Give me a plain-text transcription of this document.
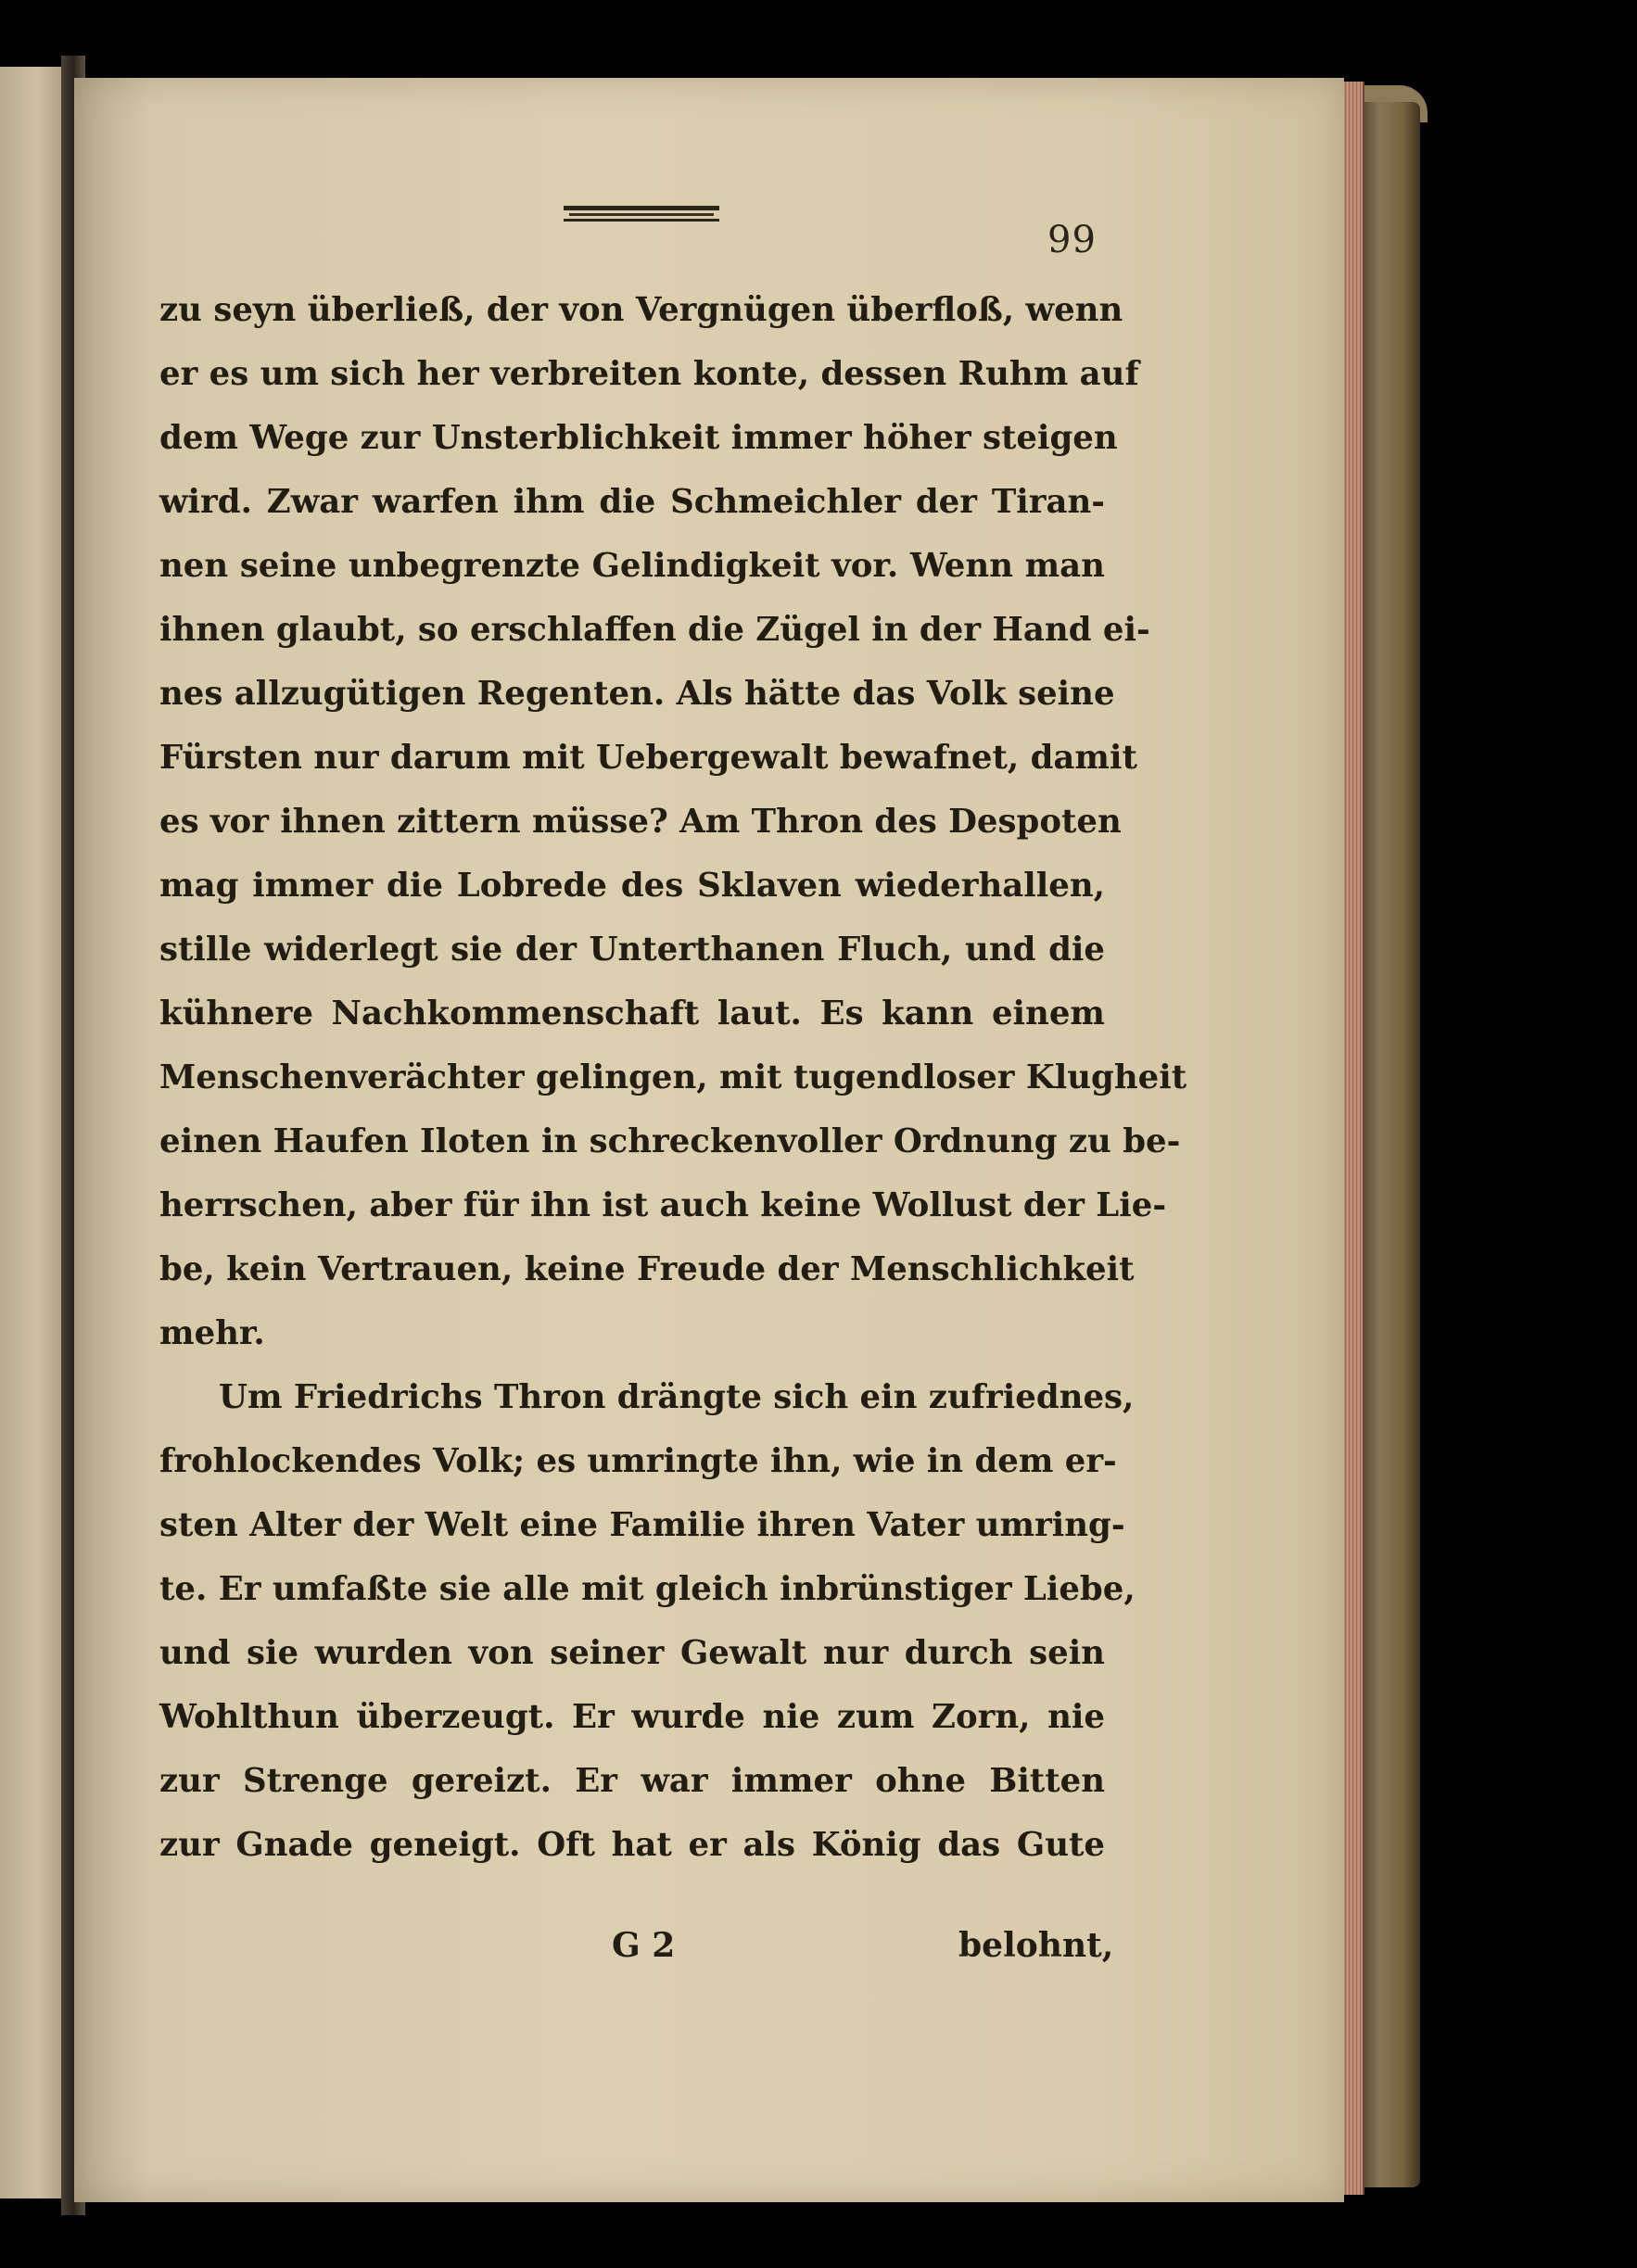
99
zu seyn überließ, der von Vergnügen überfloß, wenn
er es um sich her verbreiten konte, dessen Ruhm auf
dem Wege zur Unsterblichkeit immer höher steigen
wird. Zwar warfen ihm die Schmeichler der Tiran-
nen seine unbegrenzte Gelindigkeit vor. Wenn man
ihnen glaubt, so erschlaffen die Zügel in der Hand ei-
nes allzugütigen Regenten. Als hätte das Volk seine
Fürsten nur darum mit Uebergewalt bewafnet, damit
es vor ihnen zittern müsse? Am Thron des Despoten
mag immer die Lobrede des Sklaven wiederhallen,
stille widerlegt sie der Unterthanen Fluch, und die
kühnere Nachkommenschaft laut. Es kann einem
Menschenverächter gelingen, mit tugendloser Klugheit
einen Haufen Iloten in schreckenvoller Ordnung zu be-
herrschen, aber für ihn ist auch keine Wollust der Lie-
be, kein Vertrauen, keine Freude der Menschlichkeit
mehr.
Um Friedrichs Thron drängte sich ein zufriednes,
frohlockendes Volk; es umringte ihn, wie in dem er-
sten Alter der Welt eine Familie ihren Vater umring-
te. Er umfaßte sie alle mit gleich inbrünstiger Liebe,
und sie wurden von seiner Gewalt nur durch sein
Wohlthun überzeugt. Er wurde nie zum Zorn, nie
zur Strenge gereizt. Er war immer ohne Bitten
zur Gnade geneigt. Oft hat er als König das Gute
G 2	belohnt,
